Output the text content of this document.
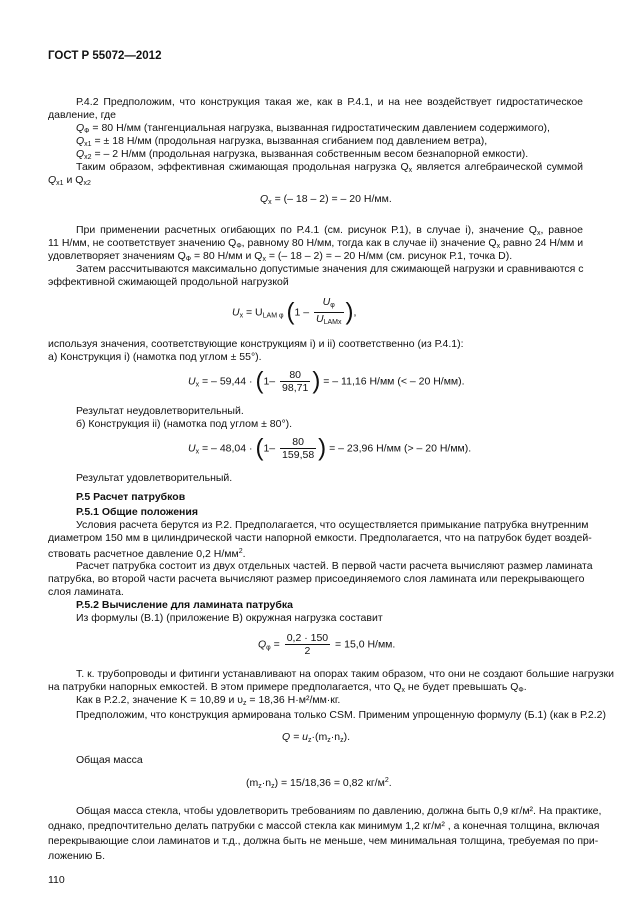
ГОСТ Р 55072—2012
Р.4.2 Предположим, что конструкция такая же, как в Р.4.1, и на нее воздействует гидростатическое
давление, где
$Q_Ф = 80$ Н/мм (тангенциальная нагрузка, вызванная гидростатическим давлением содержимого),
$Q_{x1}$ = ± 18 Н/мм (продольная нагрузка, вызванная сгибанием под давлением ветра),
$Q_{x2}$ = – 2 Н/мм (продольная нагрузка, вызванная собственным весом безнапорной емкости).
Таким образом, эффективная сжимающая продольная нагрузка $Q_x$ является алгебраической суммой
$Q_{x1}$ и $Q_{x2}$
$Q_x$ = (– 18 – 2) = – 20 Н/мм.
При применении расчетных огибающих по Р.4.1 (см. рисунок Р.1), в случае i), значение $Q_x$, равное
11 Н/мм, не соответствует значению $Q_Ф$, равному 80 Н/мм, тогда как в случае ii) значение $Q_x$ равно 24 Н/мм и
удовлетворяет значениям $Q_Ф = 80$ Н/мм и $Q_x$ = (– 18 – 2) = – 20 Н/мм (см. рисунок Р.1, точка D).
Затем рассчитываются максимально допустимые значения для сжимающей нагрузки и сравниваются с
эффективной сжимающей продольной нагрузкой
$U_x = U_{LAM \varphi}$ ($1 - \frac{U_\varphi}{U_{LAMx}}$ ),
используя значения, соответствующие конструкциям i) и ii) соответственно (из Р.4.1):
а) Конструкция i) (намотка под углом ± 55°).
$U_x$ = – $59,44 \cdot (1- \frac{80}{98,71}$ ) = – 11,16 Н/мм (< – 20 Н/мм).
Результат неудовлетворительный.
б) Конструкция ii) (намотка под углом ± 80°).
$U_x$ = – $48,04 \cdot (1- \frac{80}{159,58}$ ) = – 23,96 Н/мм (> – 20 Н/мм).
Результат удовлетворительный.
Р.5 Расчет патрубков
Р.5.1 Общие положения
Условия расчета берутся из Р.2. Предполагается, что осуществляется примыкание патрубка внутренним
диаметром 150 мм в цилиндрической части напорной емкости. Предполагается, что на патрубок будет воздей-
ствовать расчетное давление 0,2 $Н/мм^2$.
Расчет патрубка состоит из двух отдельных частей. В первой части расчета вычисляют размер ламината
патрубка, во второй части расчета вычисляют размер присоединяемого слоя ламината или перекрывающего
слоя ламината.
Р.5.2 Вычисление для ламината патрубка
Из формулы (В.1) (приложение В) окружная нагрузка составит
$Q_\varphi = \frac{0,2 \cdot 150}{2} = 15,0$ Н/мм.
Т. к. трубопроводы и фитинги устанавливают на опорах таким образом, что они не создают большие нагрузки
на патрубки напорных емкостей. В этом примере предполагается, что $Q_x$ не будет превышать $Q_Ф$.
Как в Р.2.2, значение K = 10,89 и $\upsilon_z = 18,36$ Н·м²/мм·кг.
Предположим, что конструкция армирована только CSM. Применим упрощенную формулу (Б.1) (как в Р.2.2)
$Q = u_z\cdot(m_z\cdot n_z)$.
Общая масса
$(m_z\cdot n_z) = 15/18,36 = 0,82$ $кг/м^2$.
Общая масса стекла, чтобы удовлетворить требованиям по давлению, должна быть 0,9 кг/м². На практике,
однако, предпочтительно делать патрубки с массой стекла как минимум 1,2 кг/м² , а конечная толщина, включая
перекрывающие слои ламинатов и т.д., должна быть не меньше, чем минимальная толщина, требуемая по при-
ложению Б.
110
